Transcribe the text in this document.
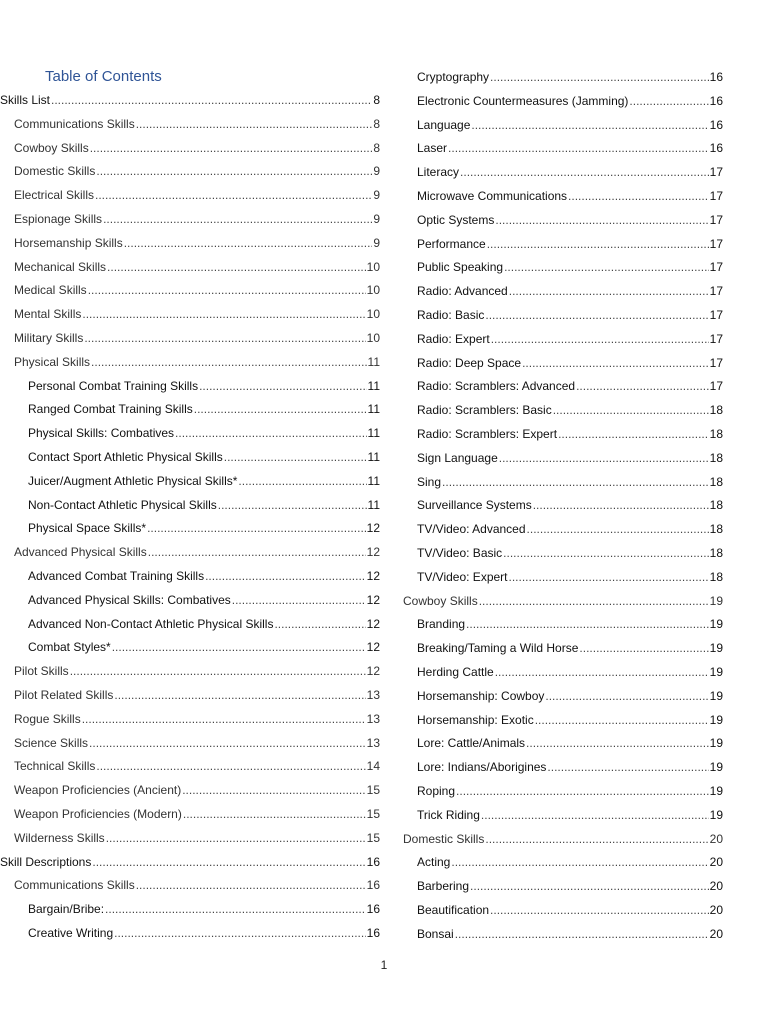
Table of Contents
Skills List .....	8
Communications Skills .....	8
Cowboy Skills .....	8
Domestic Skills .....	9
Electrical Skills .....	9
Espionage Skills .....	9
Horsemanship Skills .....	9
Mechanical Skills .....	10
Medical Skills .....	10
Mental Skills .....	10
Military Skills .....	10
Physical Skills .....	11
Personal Combat Training Skills .....	11
Ranged Combat Training Skills .....	11
Physical Skills: Combatives .....	11
Contact Sport Athletic Physical Skills .....	11
Juicer/Augment Athletic Physical Skills* .....	11
Non-Contact Athletic Physical Skills .....	11
Physical Space Skills* .....	12
Advanced Physical Skills .....	12
Advanced Combat Training Skills .....	12
Advanced Physical Skills: Combatives .....	12
Advanced Non-Contact Athletic Physical Skills .....	12
Combat Styles* .....	12
Pilot Skills .....	12
Pilot Related Skills .....	13
Rogue Skills .....	13
Science Skills .....	13
Technical Skills .....	14
Weapon Proficiencies (Ancient) .....	15
Weapon Proficiencies (Modern) .....	15
Wilderness Skills .....	15
Skill Descriptions .....	16
Communications Skills .....	16
Bargain/Bribe: .....	16
Creative Writing .....	16
Cryptography .....	16
Electronic Countermeasures (Jamming) .....	16
Language .....	16
Laser .....	16
Literacy .....	17
Microwave Communications .....	17
Optic Systems .....	17
Performance .....	17
Public Speaking .....	17
Radio: Advanced .....	17
Radio: Basic .....	17
Radio: Expert .....	17
Radio: Deep Space .....	17
Radio: Scramblers: Advanced .....	17
Radio: Scramblers: Basic .....	18
Radio: Scramblers: Expert .....	18
Sign Language .....	18
Sing .....	18
Surveillance Systems .....	18
TV/Video: Advanced .....	18
TV/Video: Basic .....	18
TV/Video: Expert .....	18
Cowboy Skills .....	19
Branding .....	19
Breaking/Taming a Wild Horse .....	19
Herding Cattle .....	19
Horsemanship: Cowboy .....	19
Horsemanship: Exotic .....	19
Lore: Cattle/Animals .....	19
Lore: Indians/Aborigines .....	19
Roping .....	19
Trick Riding .....	19
Domestic Skills .....	20
Acting .....	20
Barbering .....	20
Beautification .....	20
Bonsai .....	20
1
